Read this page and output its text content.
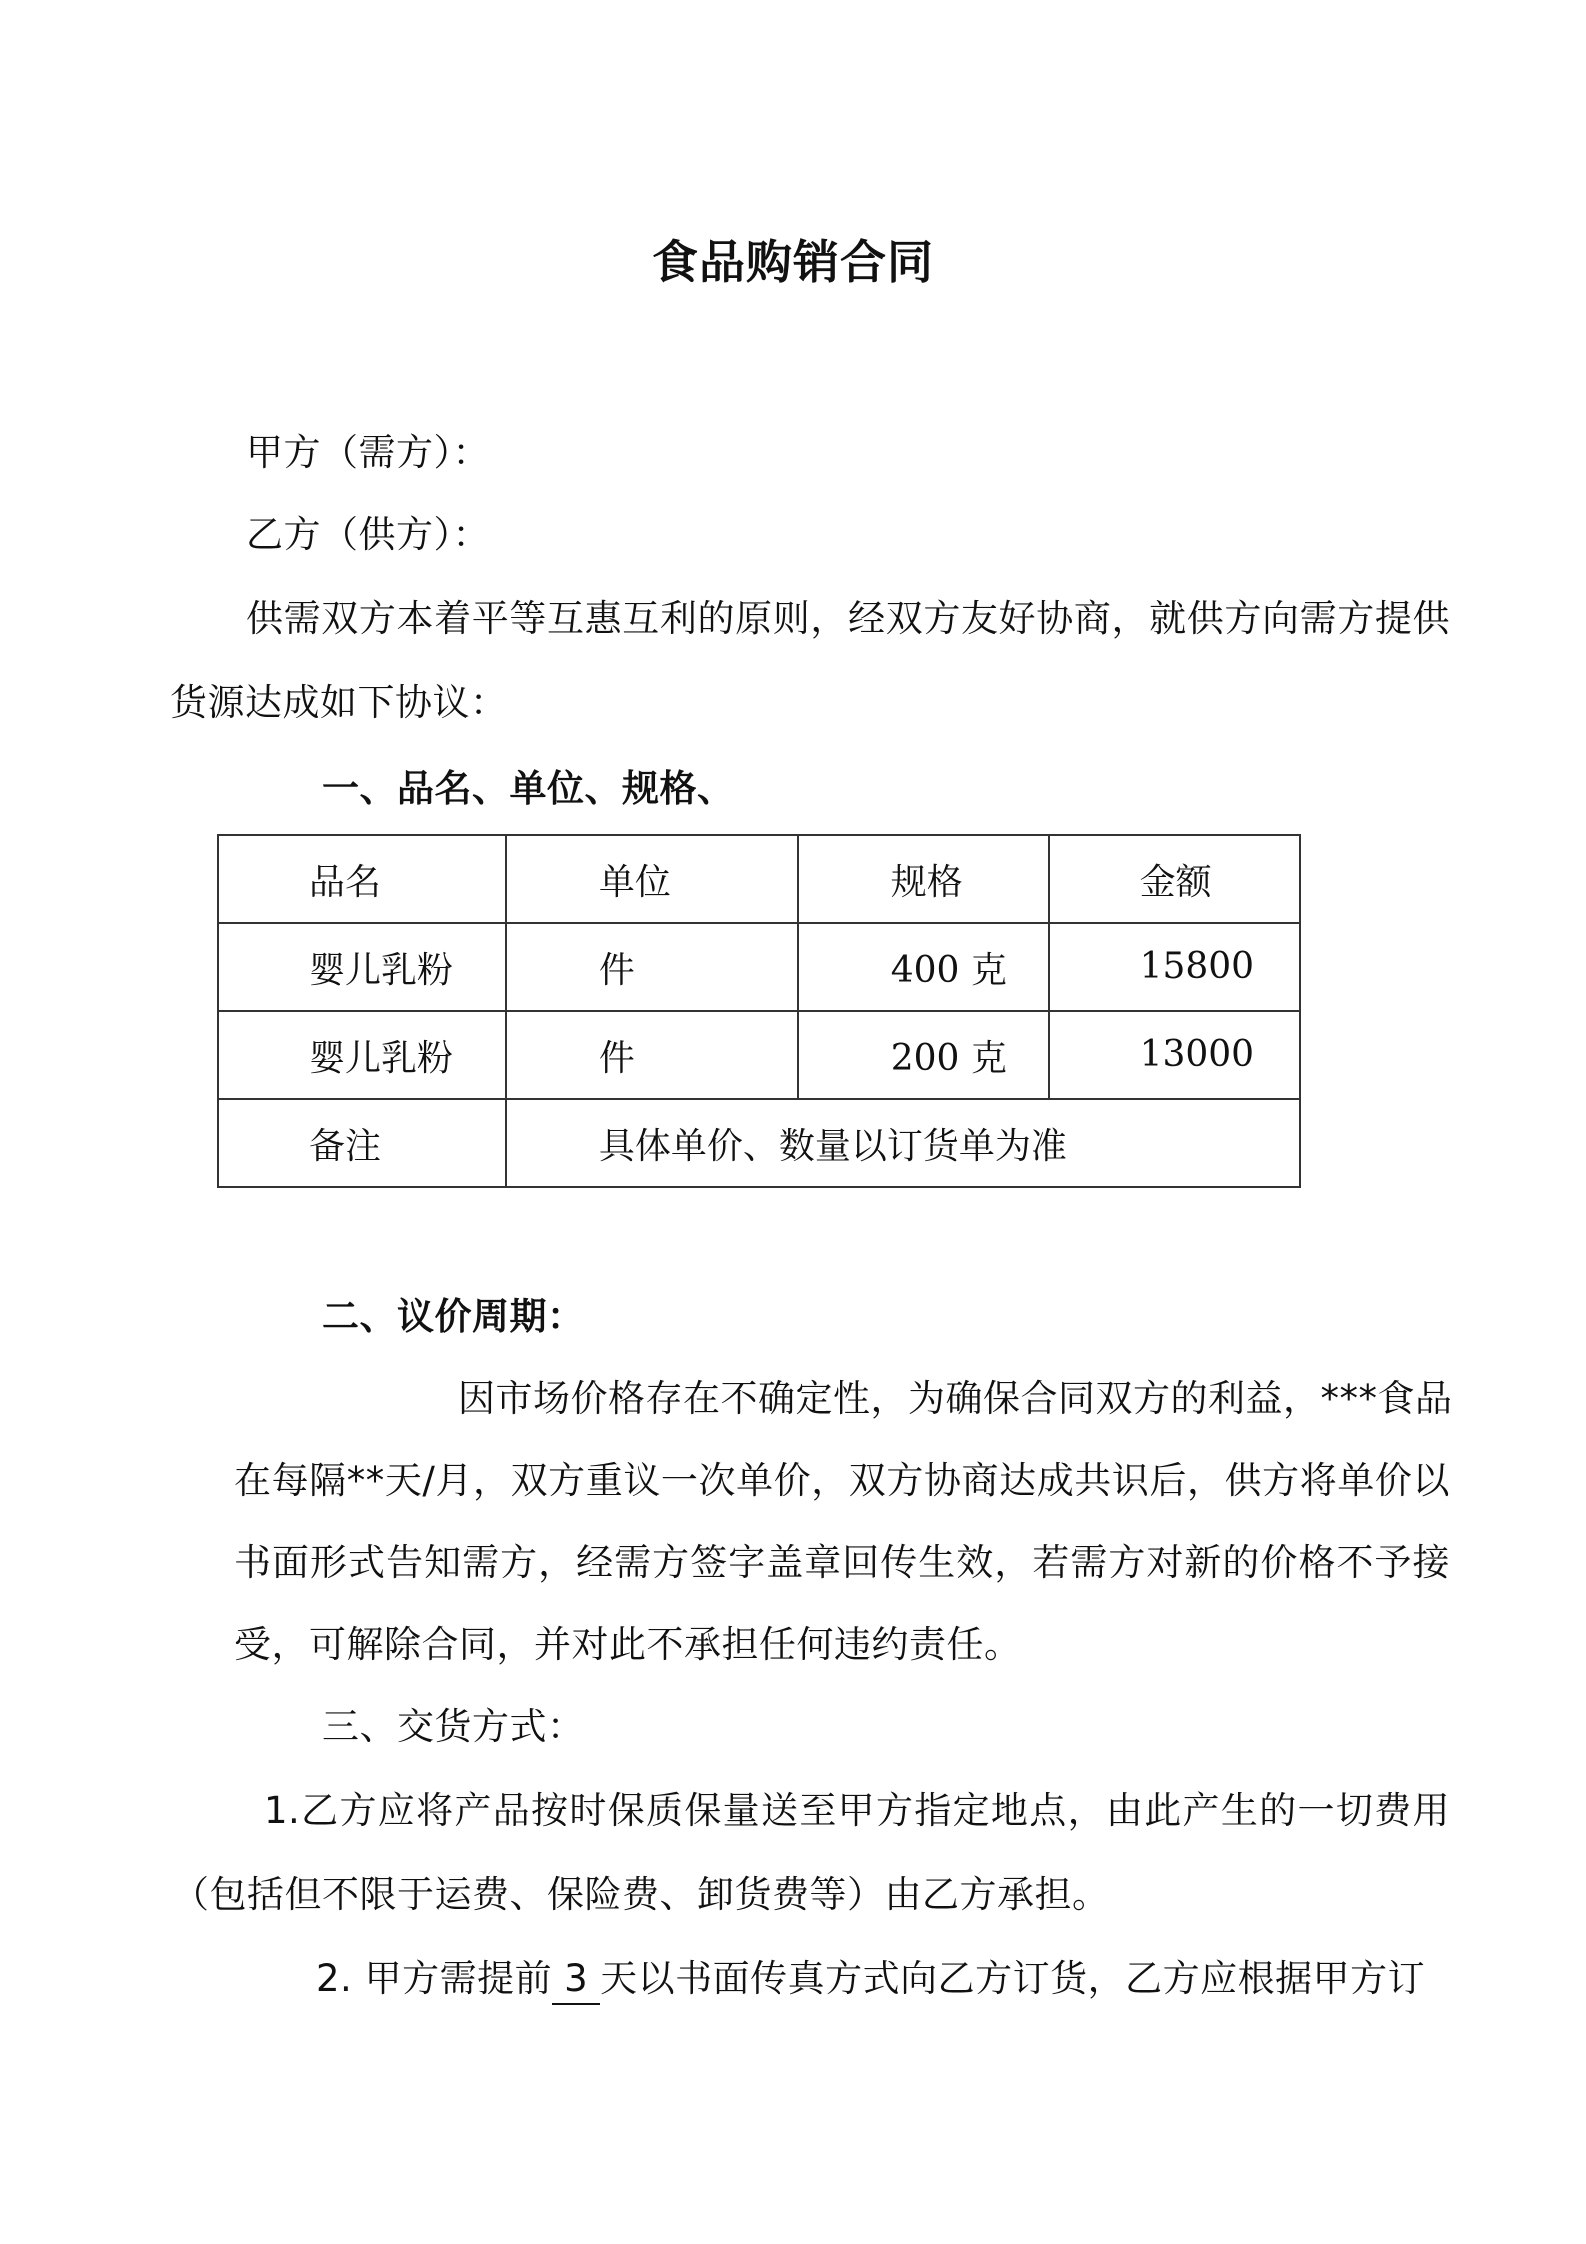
食品购销合同
甲方（需方）：
乙方（供方）：
供需双方本着平等互惠互利的原则，经双方友好协商，就供方向需方提供
货源达成如下协议：
一、品名、单位、规格、
品名	单位	规格	金额

婴儿乳粉	件	400 克	15800

婴儿乳粉	件	200 克	13000

备注	具体单价、数量以订货单为准		
二、议价周期：
因市场价格存在不确定性，为确保合同双方的利益，***食品
在每隔**天/月，双方重议一次单价，双方协商达成共识后，供方将单价以
书面形式告知需方，经需方签字盖章回传生效，若需方对新的价格不予接
受，可解除合同，并对此不承担任何违约责任。
三、交货方式：
1.乙方应将产品按时保质保量送至甲方指定地点，由此产生的一切费用
（包括但不限于运费、保险费、卸货费等）由乙方承担。
2. 甲方需提前 3 天以书面传真方式向乙方订货，乙方应根据甲方订
